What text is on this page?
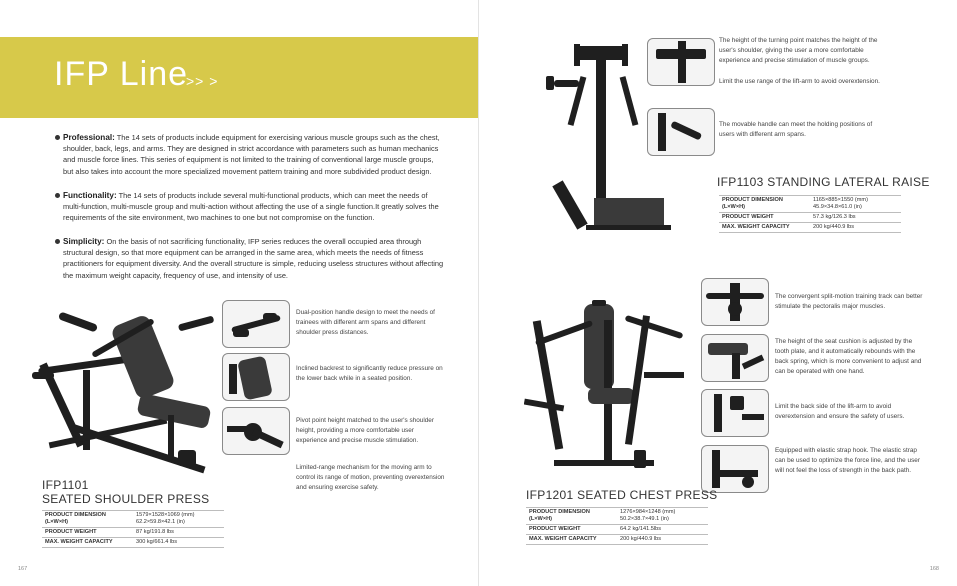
IFP Line
>> >
Professional: The 14 sets of products include equipment for exercising various muscle groups such as the chest, shoulder, back, legs, and arms. They are designed in strict accordance with parameters such as human mechanics and muscle force lines. This series of equipment is not limited to the training of conventional large muscle groups, but also takes into account the more specialized movement pattern training and more subdivided product design.
Functionality: The 14 sets of products include several multi-functional products, which can meet the needs of multi-function, multi-muscle group and multi-action without affecting the use of a single function.It greatly solves the requirements of the site environment, two machines to one but not compromise on the function.
Simplicity: On the basis of not sacrificing functionality, IFP series reduces the overall occupied area through structural design, so that more equipment can be arranged in the same area, which meets the needs of fitness practitioners for equipment diversity. And the overall structure is simple, reducing useless structures without affecting the maximum weight capacity, frequency of use, and intensity of use.
Dual-position handle design to meet the needs of trainees with different arm spans and different shoulder press distances.
Inclined backrest to significantly reduce pressure on the lower back while in a seated position.
Pivot point height matched to the user's shoulder height, providing a more comfortable user experience and precise muscle stimulation.
Limited-range mechanism for the moving arm to control its range of motion, preventing overextension and ensuring exercise safety.
IFP1101
SEATED SHOULDER PRESS
PRODUCT DIMENSION (L×W×H)	1579×1528×1069 (mm) 62.2×59.8×42.1 (in)
PRODUCT WEIGHT	87 kg/191.8 lbs
MAX. WEIGHT CAPACITY	300 kg/661.4 lbs
167
The height of the turning point matches the height of the user's shoulder, giving the user a more comfortable experience and precise stimulation of muscle groups.
Limit the use range of the lift-arm to avoid overextension.
The movable handle can meet the holding positions of users with different arm spans.
IFP1103 STANDING LATERAL RAISE
PRODUCT DIMENSION (L×W×H)	1165×885×1550 (mm) 45.9×34.8×61.0 (in)
PRODUCT WEIGHT	57.3 kg/126.3 lbs
MAX. WEIGHT CAPACITY	200 kg/440.9 lbs
The convergent split-motion training track can better stimulate the pectoralis major muscles.
The height of the seat cushion is adjusted by the tooth plate, and it automatically rebounds with the back spring, which is more convenient to adjust and can be operated with one hand.
Limit the back side of the lift-arm to avoid overextension and ensure the safety of users.
Equipped with elastic strap hook. The elastic strap can be used to optimize the force line, and the user will not feel the loss of strength in the back path.
IFP1201 SEATED CHEST PRESS
PRODUCT DIMENSION (L×W×H)	1276×984×1248 (mm) 50.2×38.7×49.1 (in)
PRODUCT WEIGHT	64.2 kg/141.5lbs
MAX. WEIGHT CAPACITY	200 kg/440.9 lbs
168
